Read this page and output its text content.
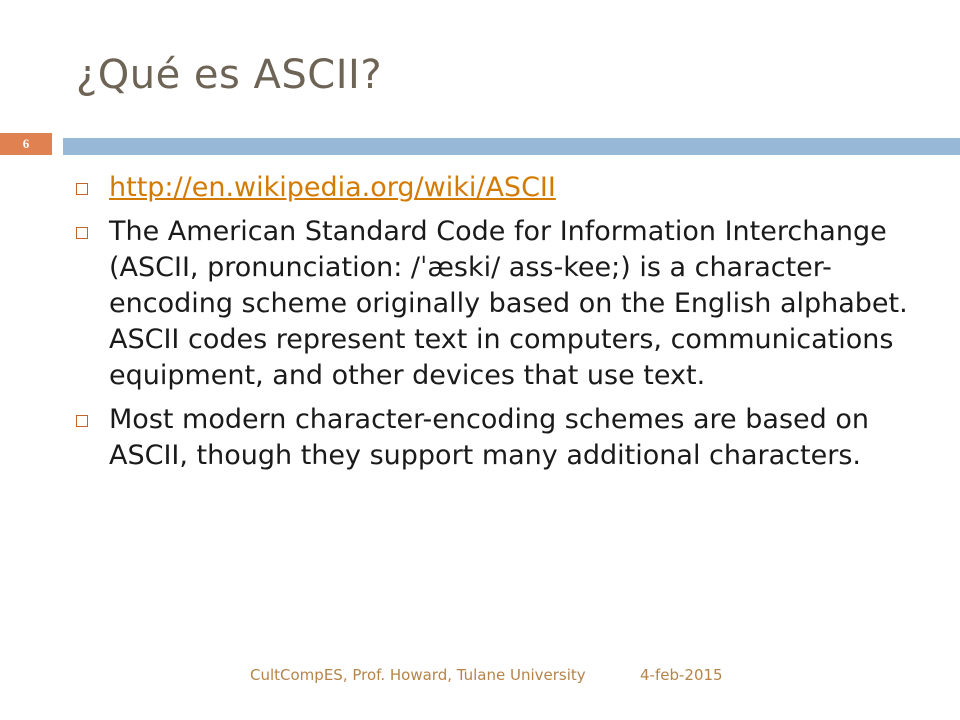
¿Qué es ASCII?
6
http://en.wikipedia.org/wiki/ASCII
The American Standard Code for Information Interchange (ASCII, pronunciation: /ˈæski/ ass-kee;) is a character-encoding scheme originally based on the English alphabet. ASCII codes represent text in computers, communications equipment, and other devices that use text.
Most modern character-encoding schemes are based on ASCII, though they support many additional characters.
CultCompES, Prof. Howard, Tulane University	4-feb-2015
